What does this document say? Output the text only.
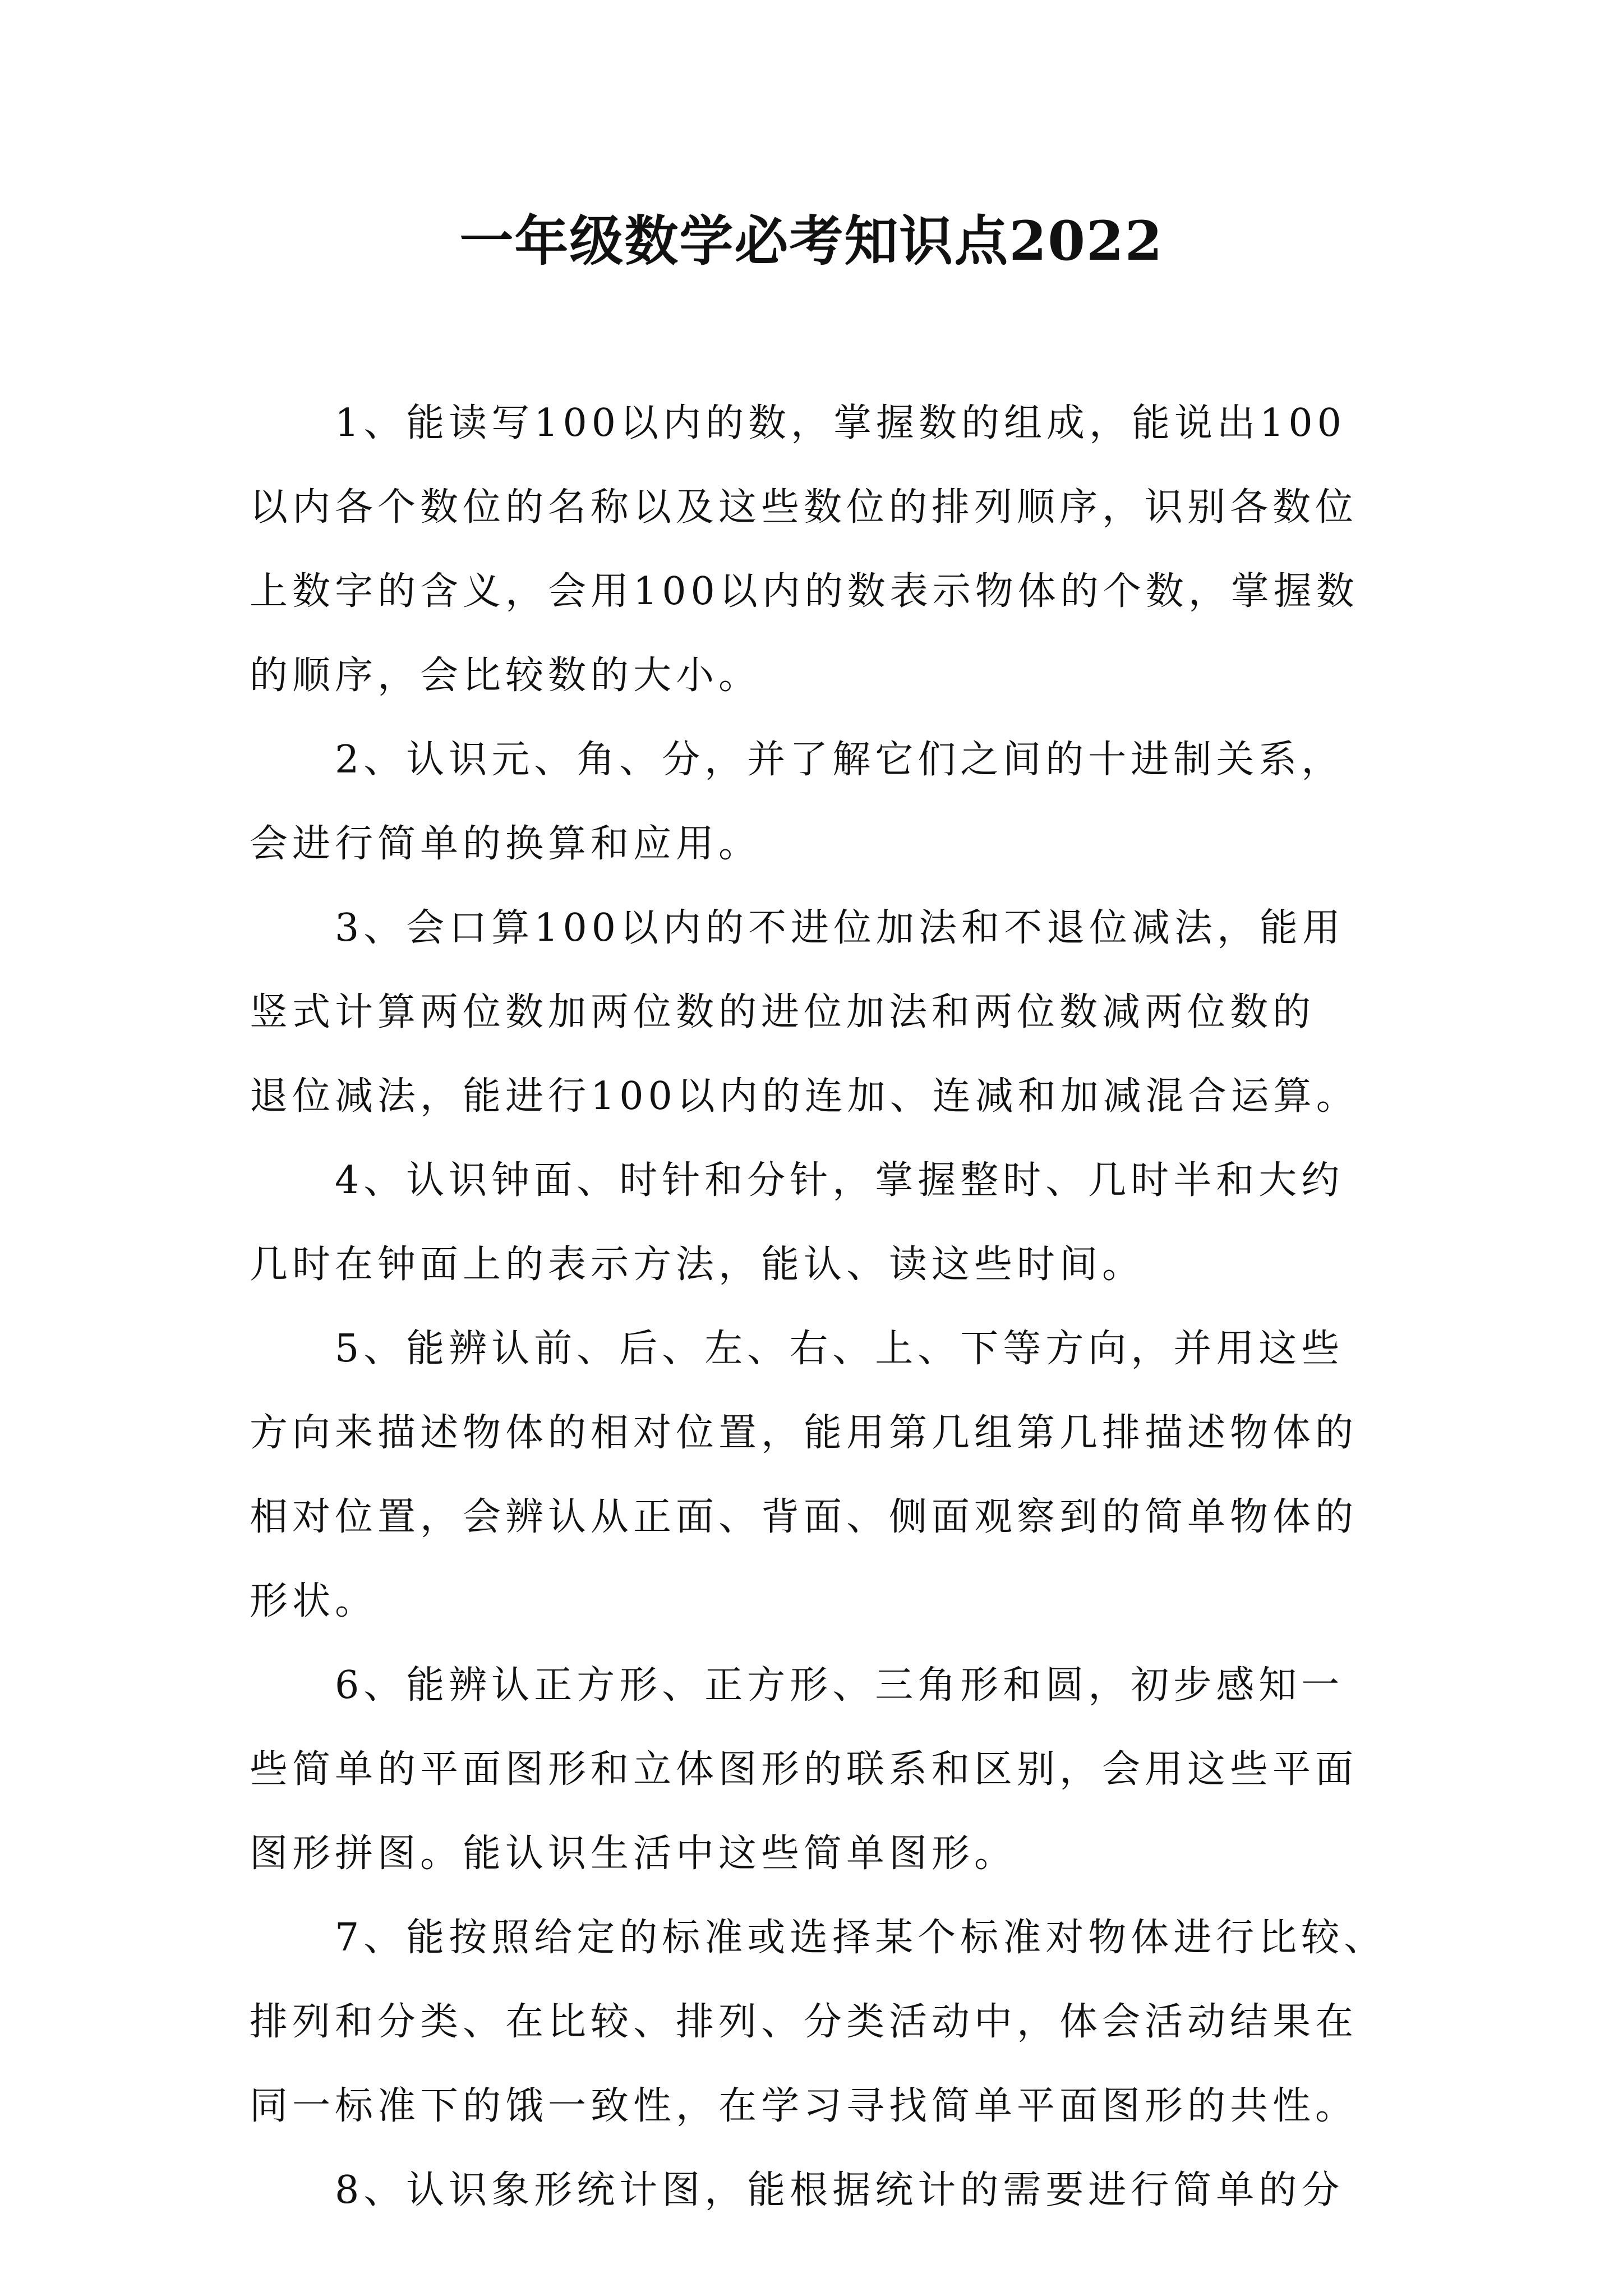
一年级数学必考知识点2022

1、能读写100以内的数，掌握数的组成，能说出100
以内各个数位的名称以及这些数位的排列顺序，识别各数位
上数字的含义，会用100以内的数表示物体的个数，掌握数
的顺序，会比较数的大小。

2、认识元、角、分，并了解它们之间的十进制关系，
会进行简单的换算和应用。

3、会口算100以内的不进位加法和不退位减法，能用
竖式计算两位数加两位数的进位加法和两位数减两位数的
退位减法，能进行100以内的连加、连减和加减混合运算。

4、认识钟面、时针和分针，掌握整时、几时半和大约
几时在钟面上的表示方法，能认、读这些时间。

5、能辨认前、后、左、右、上、下等方向，并用这些
方向来描述物体的相对位置，能用第几组第几排描述物体的
相对位置，会辨认从正面、背面、侧面观察到的简单物体的
形状。

6、能辨认正方形、正方形、三角形和圆，初步感知一
些简单的平面图形和立体图形的联系和区别，会用这些平面
图形拼图。能认识生活中这些简单图形。

7、能按照给定的标准或选择某个标准对物体进行比较、
排列和分类、在比较、排列、分类活动中，体会活动结果在
同一标准下的饿一致性，在学习寻找简单平面图形的共性。

8、认识象形统计图，能根据统计的需要进行简单的分
